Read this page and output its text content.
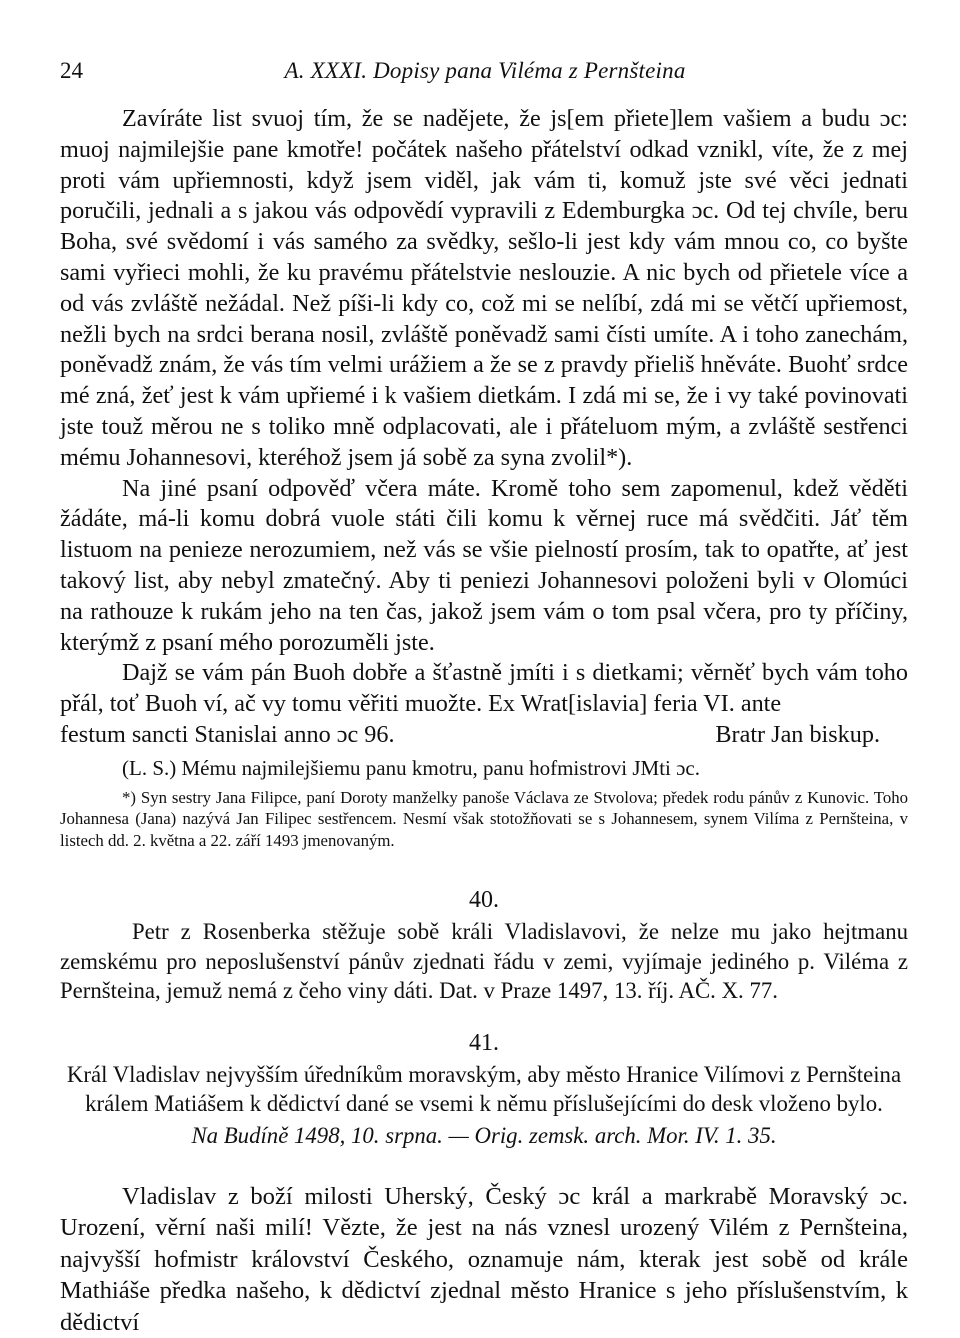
24	A. XXXI. Dopisy pana Viléma z Pernšteina

Zavíráte list svuoj tím, že se nadějete, že js[em přiete]lem vašiem a budu ɔc: muoj najmilejšie pane kmotře! počátek našeho přátelství odkad vznikl, víte, že z mej proti vám upřiemnosti, když jsem viděl, jak vám ti, komuž jste své věci jednati poručili, jednali a s jakou vás odpovědí vypravili z Edemburgka ɔc. Od tej chvíle, beru Boha, své svědomí i vás samého za svědky, sešlo-li jest kdy vám mnou co, co byšte sami vyřieci mohli, že ku pravému přátelstvie neslouzie. A nic bych od přietele více a od vás zvláště nežádal. Než píši-li kdy co, což mi se nelíbí, zdá mi se větčí upřiemost, nežli bych na srdci berana nosil, zvláště poněvadž sami čísti umíte. A i toho zanechám, poněvadž znám, že vás tím velmi urážiem a že se z pravdy přieliš hněváte. Buohť srdce mé zná, žeť jest k vám upřiemé i k vašiem dietkám. I zdá mi se, že i vy také povinovati jste touž měrou ne s toliko mně odplacovati, ale i přáteluom mým, a zvláště sestřenci mému Johannesovi, kteréhož jsem já sobě za syna zvolil*).

Na jiné psaní odpověď včera máte. Kromě toho sem zapomenul, kdež věděti žádáte, má-li komu dobrá vuole státi čili komu k věrnej ruce má svědčiti. Jáť těm listuom na penieze nerozumiem, než vás se všie pielností prosím, tak to opatřte, ať jest takový list, aby nebyl zmatečný. Aby ti peniezi Johannesovi položeni byli v Olomúci na rathouze k rukám jeho na ten čas, jakož jsem vám o tom psal včera, pro ty příčiny, kterýmž z psaní mého porozuměli jste.

Dajž se vám pán Buoh dobře a šťastně jmíti i s dietkami; věrněť bych vám toho přál, toť Buoh ví, ač vy tomu věřiti muožte. Ex Wrat[islavia] feria VI. ante

festum sancti Stanislai anno ɔc 96.	Bratr Jan biskup.
(L. S.) Mému najmilejšiemu panu kmotru, panu hofmistrovi JMti ɔc.
*) Syn sestry Jana Filipce, paní Doroty manželky panoše Václava ze Stvolova; předek rodu pánův z Kunovic. Toho Johannesa (Jana) nazývá Jan Filipec sestřencem. Nesmí však stotožňovati se s Johannesem, synem Vilíma z Pernšteina, v listech dd. 2. května a 22. září 1493 jmenovaným.

40.

Petr z Rosenberka stěžuje sobě králi Vladislavovi, že nelze mu jako hejtmanu zemskému pro neposlušenství pánův zjednati řádu v zemi, vyjímaje jediného p. Viléma z Pernšteina, jemuž nemá z čeho viny dáti. Dat. v Praze 1497, 13. říj. AČ. X. 77.

41.

Král Vladislav nejvyšším úředníkům moravským, aby město Hranice Vilímovi z Pernšteina králem Matiášem k dědictví dané se vsemi k němu příslušejícími do desk vloženo bylo.

Na Budíně 1498, 10. srpna. — Orig. zemsk. arch. Mor. IV. 1. 35.

Vladislav z boží milosti Uherský, Český ɔc král a markrabě Moravský ɔc. Urození, věrní naši milí! Vězte, že jest na nás vznesl urozený Vilém z Pernšteina, najvyšší hofmistr království Českého, oznamuje nám, kterak jest sobě od krále Mathiáše předka našeho, k dědictví zjednal město Hranice s jeho příslušenstvím, k dědictví
